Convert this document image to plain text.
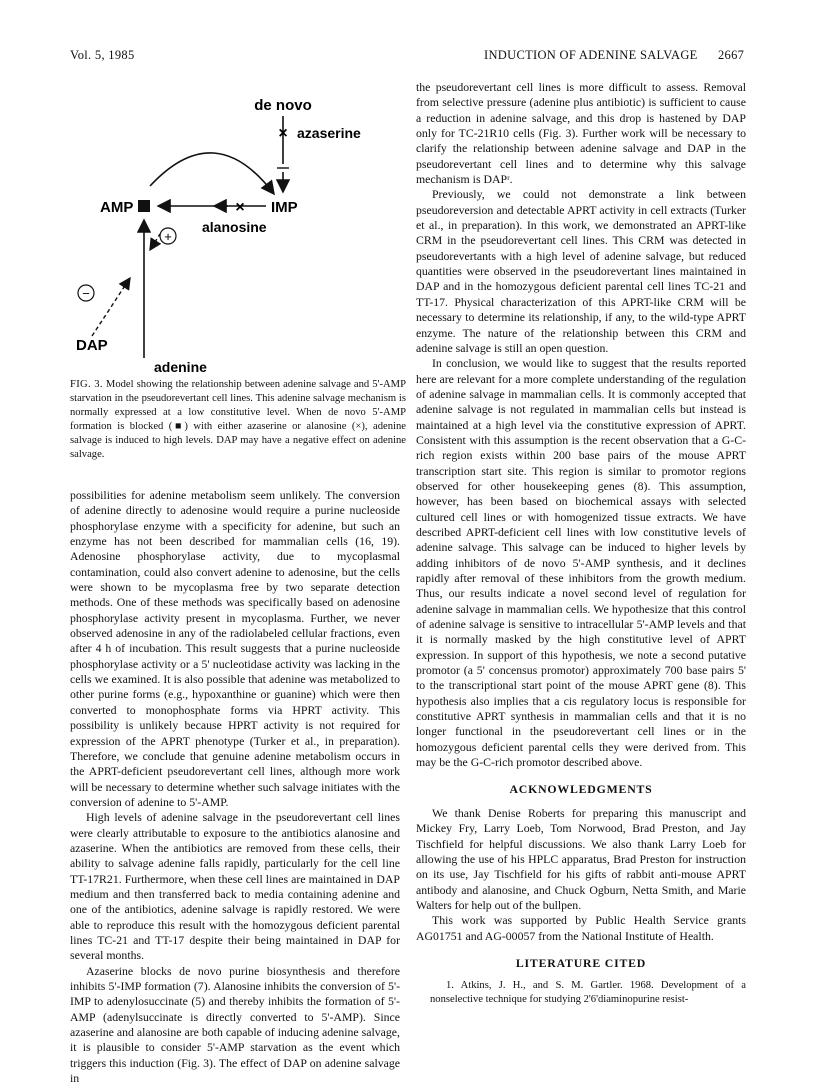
Vol. 5, 1985	INDUCTION OF ADENINE SALVAGE 2667
de novo
× azaserine
AMP	IMP
×
alanosine
+
−
DAP
adenine
FIG. 3. Model showing the relationship between adenine salvage and 5'-AMP starvation in the pseudorevertant cell lines. This adenine salvage mechanism is normally expressed at a low constitutive level. When de novo 5'-AMP formation is blocked (■) with either azaserine or alanosine (×), adenine salvage is induced to high levels. DAP may have a negative effect on adenine salvage.

possibilities for adenine metabolism seem unlikely. The conversion of adenine directly to adenosine would require a purine nucleoside phosphorylase enzyme with a specificity for adenine, but such an enzyme has not been described for mammalian cells (16, 19). Adenosine phosphorylase activity, due to mycoplasmal contamination, could also convert adenine to adenosine, but the cells were shown to be mycoplasma free by two separate detection methods. One of these methods was specifically based on adenosine phosphorylase activity present in mycoplasma. Further, we never observed adenosine in any of the radiolabeled cellular fractions, even after 4 h of incubation. This result suggests that a purine nucleoside phosphorylase activity or a 5' nucleotidase activity was lacking in the cells we examined. It is also possible that adenine was metabolized to other purine forms (e.g., hypoxanthine or guanine) which were then converted to monophosphate forms via HPRT activity. This possibility is unlikely because HPRT activity is not required for expression of the APRT phenotype (Turker et al., in preparation). Therefore, we conclude that genuine adenine metabolism occurs in the APRT-deficient pseudorevertant cell lines, although more work will be necessary to determine whether such salvage initiates with the conversion of adenine to 5'-AMP.

High levels of adenine salvage in the pseudorevertant cell lines were clearly attributable to exposure to the antibiotics alanosine and azaserine. When the antibiotics are removed from these cells, their ability to salvage adenine falls rapidly, particularly for the cell line TT-17R21. Furthermore, when these cell lines are maintained in DAP medium and then transferred back to media containing adenine and one of the antibiotics, adenine salvage is rapidly restored. We were able to reproduce this result with the homozygous deficient parental lines TC-21 and TT-17 despite their being maintained in DAP for several months.

Azaserine blocks de novo purine biosynthesis and therefore inhibits 5'-IMP formation (7). Alanosine inhibits the conversion of 5'-IMP to adenylosuccinate (5) and thereby inhibits the formation of 5'-AMP (adenylsuccinate is directly converted to 5'-AMP). Since azaserine and alanosine are both capable of inducing adenine salvage, it is plausible to consider 5'-AMP starvation as the event which triggers this induction (Fig. 3). The effect of DAP on adenine salvage in

the pseudorevertant cell lines is more difficult to assess. Removal from selective pressure (adenine plus antibiotic) is sufficient to cause a reduction in adenine salvage, and this drop is hastened by DAP only for TC-21R10 cells (Fig. 3). Further work will be necessary to clarify the relationship between adenine salvage and DAP in the pseudorevertant cell lines and to determine why this salvage mechanism is DAPʳ.

Previously, we could not demonstrate a link between pseudoreversion and detectable APRT activity in cell extracts (Turker et al., in preparation). In this work, we demonstrated an APRT-like CRM in the pseudorevertant cell lines. This CRM was detected in pseudorevertants with a high level of adenine salvage, but reduced quantities were observed in the pseudorevertant lines maintained in DAP and in the homozygous deficient parental cell lines TC-21 and TT-17. Physical characterization of this APRT-like CRM will be necessary to determine its relationship, if any, to the wild-type APRT enzyme. The nature of the relationship between this CRM and adenine salvage is still an open question.

In conclusion, we would like to suggest that the results reported here are relevant for a more complete understanding of the regulation of adenine salvage in mammalian cells. It is commonly accepted that adenine salvage is not regulated in mammalian cells but instead is maintained at a high level via the constitutive expression of APRT. Consistent with this assumption is the recent observation that a G-C-rich region exists within 200 base pairs of the mouse APRT transcription start site. This region is similar to promotor regions observed for other housekeeping genes (8). This assumption, however, has been based on biochemical assays with selected cultured cell lines or with homogenized tissue extracts. We have described APRT-deficient cell lines with low constitutive levels of adenine salvage. This salvage can be induced to higher levels by adding inhibitors of de novo 5'-AMP synthesis, and it declines rapidly after removal of these inhibitors from the growth medium. Thus, our results indicate a novel second level of regulation for adenine salvage in mammalian cells. We hypothesize that this control of adenine salvage is sensitive to intracellular 5'-AMP levels and that it is normally masked by the high constitutive level of APRT expression. In support of this hypothesis, we note a second putative promotor (a 5' concensus promotor) approximately 700 base pairs 5' to the transcriptional start point of the mouse APRT gene (8). This hypothesis also implies that a cis regulatory locus is responsible for constitutive APRT synthesis in mammalian cells and that it is no longer functional in the pseudorevertant cell lines or in the homozygous deficient parental cells they were derived from. This may be the G-C-rich promotor described above.

ACKNOWLEDGMENTS

We thank Denise Roberts for preparing this manuscript and Mickey Fry, Larry Loeb, Tom Norwood, Brad Preston, and Jay Tischfield for helpful discussions. We also thank Larry Loeb for allowing the use of his HPLC apparatus, Brad Preston for instruction on its use, Jay Tischfield for his gifts of rabbit anti-mouse APRT antibody and alanosine, and Chuck Ogburn, Netta Smith, and Marie Walters for help out of the bullpen.

This work was supported by Public Health Service grants AG01751 and AG-00057 from the National Institute of Health.

LITERATURE CITED

1. Atkins, J. H., and S. M. Gartler. 1968. Development of a nonselective technique for studying 2'6'diaminopurine resist-
